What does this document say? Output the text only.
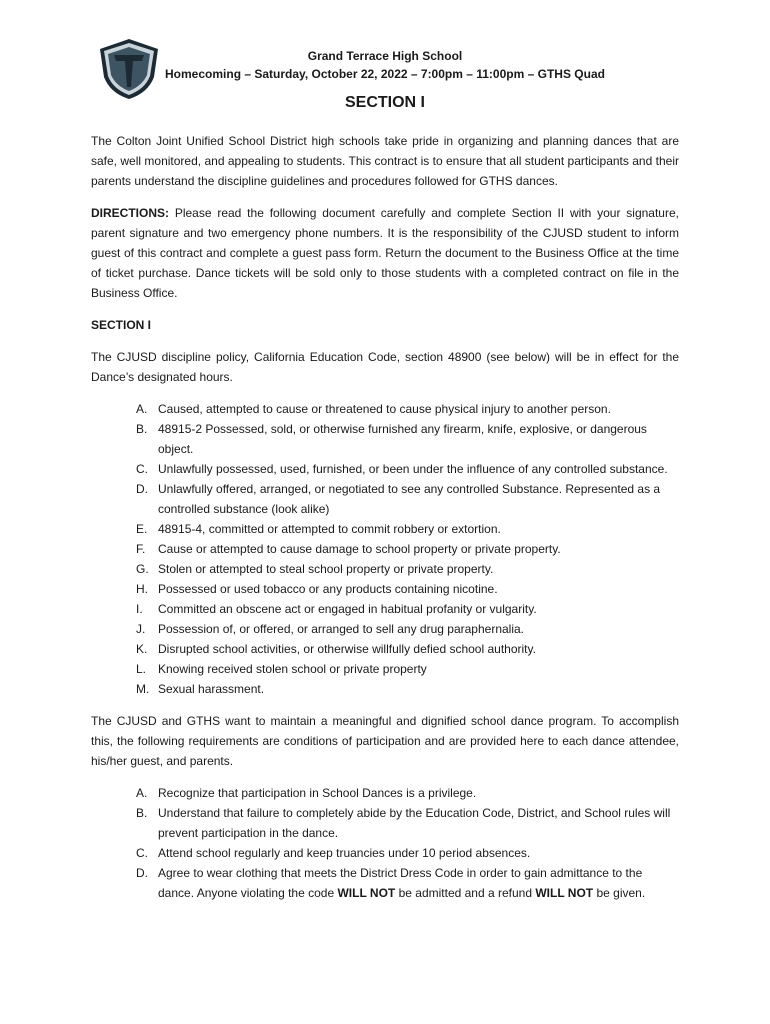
Grand Terrace High School
Homecoming – Saturday, October 22, 2022 – 7:00pm – 11:00pm – GTHS Quad
SECTION I

The Colton Joint Unified School District high schools take pride in organizing and planning dances that are safe, well monitored, and appealing to students. This contract is to ensure that all student participants and their parents understand the discipline guidelines and procedures followed for GTHS dances.

DIRECTIONS: Please read the following document carefully and complete Section II with your signature, parent signature and two emergency phone numbers. It is the responsibility of the CJUSD student to inform guest of this contract and complete a guest pass form. Return the document to the Business Office at the time of ticket purchase. Dance tickets will be sold only to those students with a completed contract on file in the Business Office.

SECTION I

The CJUSD discipline policy, California Education Code, section 48900 (see below) will be in effect for the Dance’s designated hours.

A. Caused, attempted to cause or threatened to cause physical injury to another person.
B. 48915-2 Possessed, sold, or otherwise furnished any firearm, knife, explosive, or dangerous object.
C. Unlawfully possessed, used, furnished, or been under the influence of any controlled substance.
D. Unlawfully offered, arranged, or negotiated to see any controlled Substance. Represented as a controlled substance (look alike)
E. 48915-4, committed or attempted to commit robbery or extortion.
F. Cause or attempted to cause damage to school property or private property.
G. Stolen or attempted to steal school property or private property.
H. Possessed or used tobacco or any products containing nicotine.
I. Committed an obscene act or engaged in habitual profanity or vulgarity.
J. Possession of, or offered, or arranged to sell any drug paraphernalia.
K. Disrupted school activities, or otherwise willfully defied school authority.
L. Knowing received stolen school or private property
M. Sexual harassment.

The CJUSD and GTHS want to maintain a meaningful and dignified school dance program. To accomplish this, the following requirements are conditions of participation and are provided here to each dance attendee, his/her guest, and parents.

A. Recognize that participation in School Dances is a privilege.
B. Understand that failure to completely abide by the Education Code, District, and School rules will prevent participation in the dance.
C. Attend school regularly and keep truancies under 10 period absences.
D. Agree to wear clothing that meets the District Dress Code in order to gain admittance to the dance. Anyone violating the code WILL NOT be admitted and a refund WILL NOT be given.
